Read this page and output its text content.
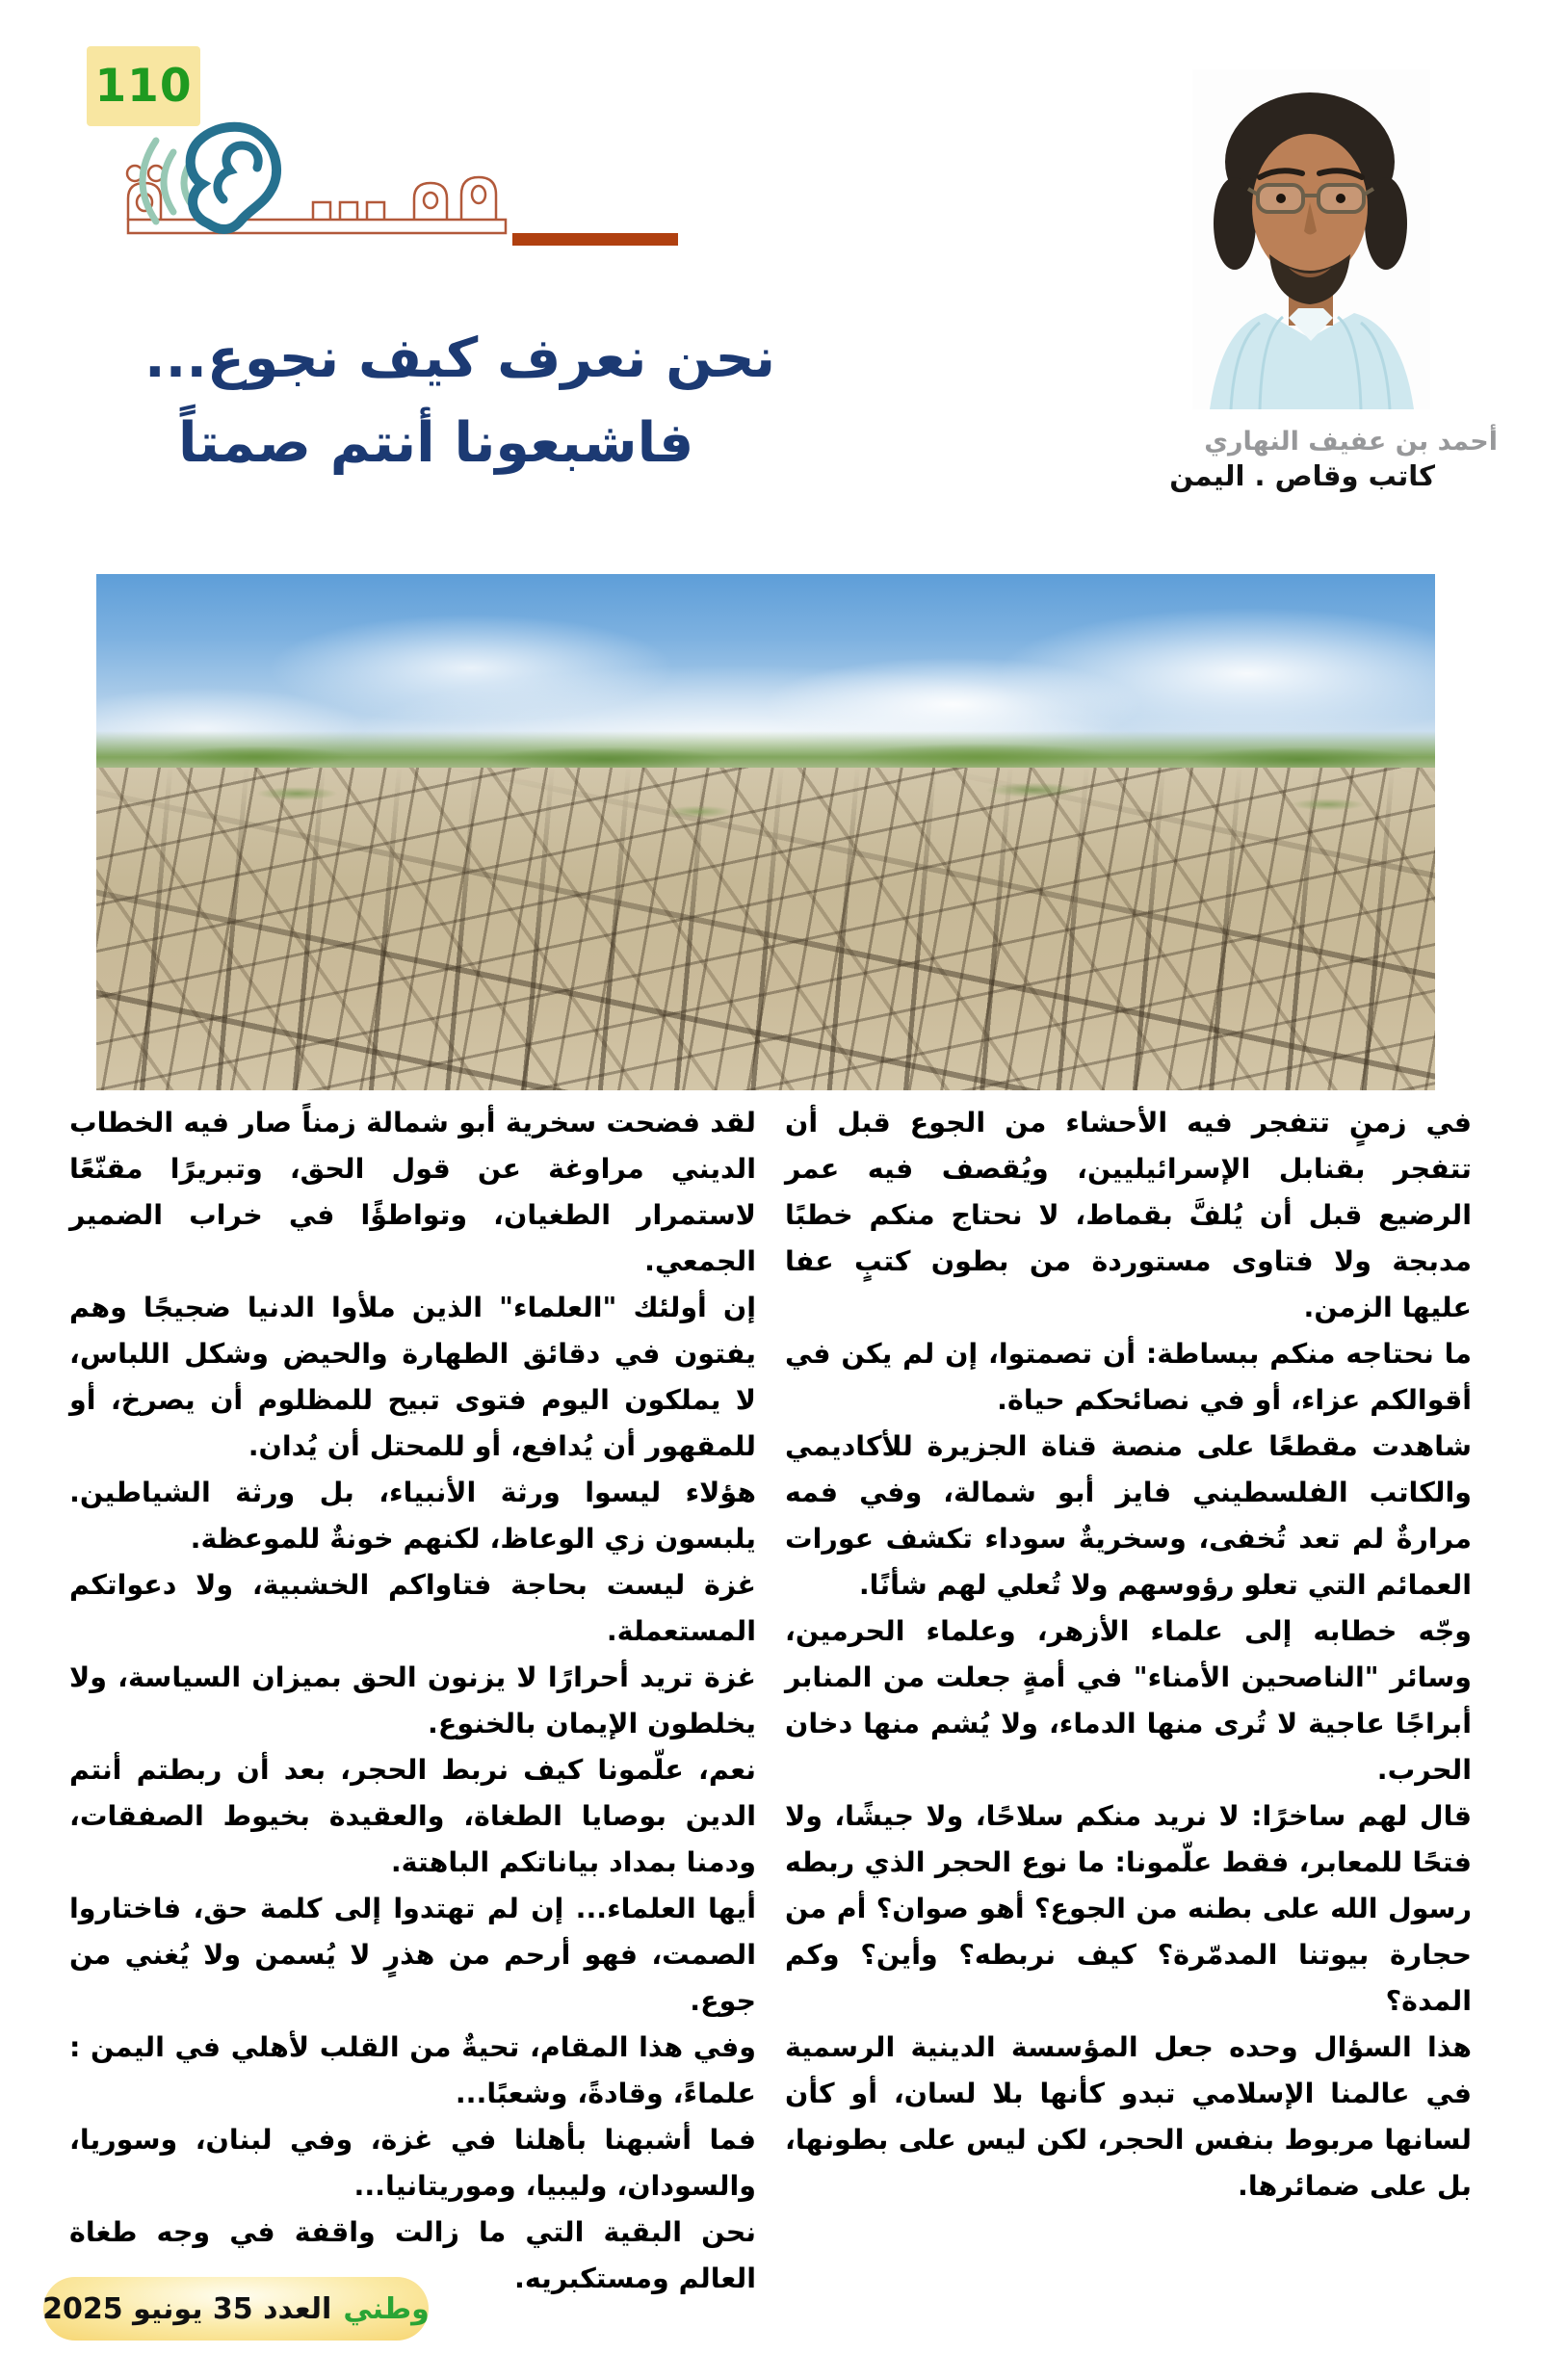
110
نحن نعرف كيف نجوع...
فاشبعونا أنتم صمتاً	أحمد بن عفيف النهاري

كاتب وقاص . اليمن

في زمنٍ تتفجر فيه الأحشاء من الجوع قبل أن تتفجر بقنابل الإسرائيليين، ويُقصف فيه عمر الرضيع قبل أن يُلفَّ بقماط، لا نحتاج منكم خطبًا مدبجة ولا فتاوى مستوردة من بطون كتبٍ عفا عليها الزمن.

ما نحتاجه منكم ببساطة: أن تصمتوا، إن لم يكن في أقوالكم عزاء، أو في نصائحكم حياة.

شاهدت مقطعًا على منصة قناة الجزيرة للأكاديمي والكاتب الفلسطيني فايز أبو شمالة، وفي فمه مرارةٌ لم تعد تُخفى، وسخريةٌ سوداء تكشف عورات العمائم التي تعلو رؤوسهم ولا تُعلي لهم شأنًا.

وجّه خطابه إلى علماء الأزهر، وعلماء الحرمين، وسائر "الناصحين الأمناء" في أمةٍ جعلت من المنابر أبراجًا عاجية لا تُرى منها الدماء، ولا يُشم منها دخان الحرب.

قال لهم ساخرًا: لا نريد منكم سلاحًا، ولا جيشًا، ولا فتحًا للمعابر، فقط علّمونا: ما نوع الحجر الذي ربطه رسول الله على بطنه من الجوع؟ أهو صوان؟ أم من حجارة بيوتنا المدمّرة؟ كيف نربطه؟ وأين؟ وكم المدة؟

هذا السؤال وحده جعل المؤسسة الدينية الرسمية في عالمنا الإسلامي تبدو كأنها بلا لسان، أو كأن لسانها مربوط بنفس الحجر، لكن ليس على بطونها، بل على ضمائرها.

لقد فضحت سخرية أبو شمالة زمناً صار فيه الخطاب الديني مراوغة عن قول الحق، وتبريرًا مقنّعًا لاستمرار الطغيان، وتواطؤًا في خراب الضمير الجمعي.

إن أولئك "العلماء" الذين ملأوا الدنيا ضجيجًا وهم يفتون في دقائق الطهارة والحيض وشكل اللباس، لا يملكون اليوم فتوى تبيح للمظلوم أن يصرخ، أو للمقهور أن يُدافع، أو للمحتل أن يُدان.

هؤلاء ليسوا ورثة الأنبياء، بل ورثة الشياطين. يلبسون زي الوعاظ، لكنهم خونةٌ للموعظة.

غزة ليست بحاجة فتاواكم الخشبية، ولا دعواتكم المستعملة.

غزة تريد أحرارًا لا يزنون الحق بميزان السياسة، ولا يخلطون الإيمان بالخنوع.

نعم، علّمونا كيف نربط الحجر، بعد أن ربطتم أنتم الدين بوصايا الطغاة، والعقيدة بخيوط الصفقات، ودمنا بمداد بياناتكم الباهتة.

أيها العلماء... إن لم تهتدوا إلى كلمة حق، فاختاروا الصمت، فهو أرحم من هذرٍ لا يُسمن ولا يُغني من جوع.

وفي هذا المقام، تحيةٌ من القلب لأهلي في اليمن : علماءً، وقادةً، وشعبًا...

فما أشبهنا بأهلنا في غزة، وفي لبنان، وسوريا، والسودان، وليبيا، وموريتانيا...

نحن البقية التي ما زالت واقفة في وجه طغاة العالم ومستكبريه.

وطني
العدد 35 يونيو 2025
